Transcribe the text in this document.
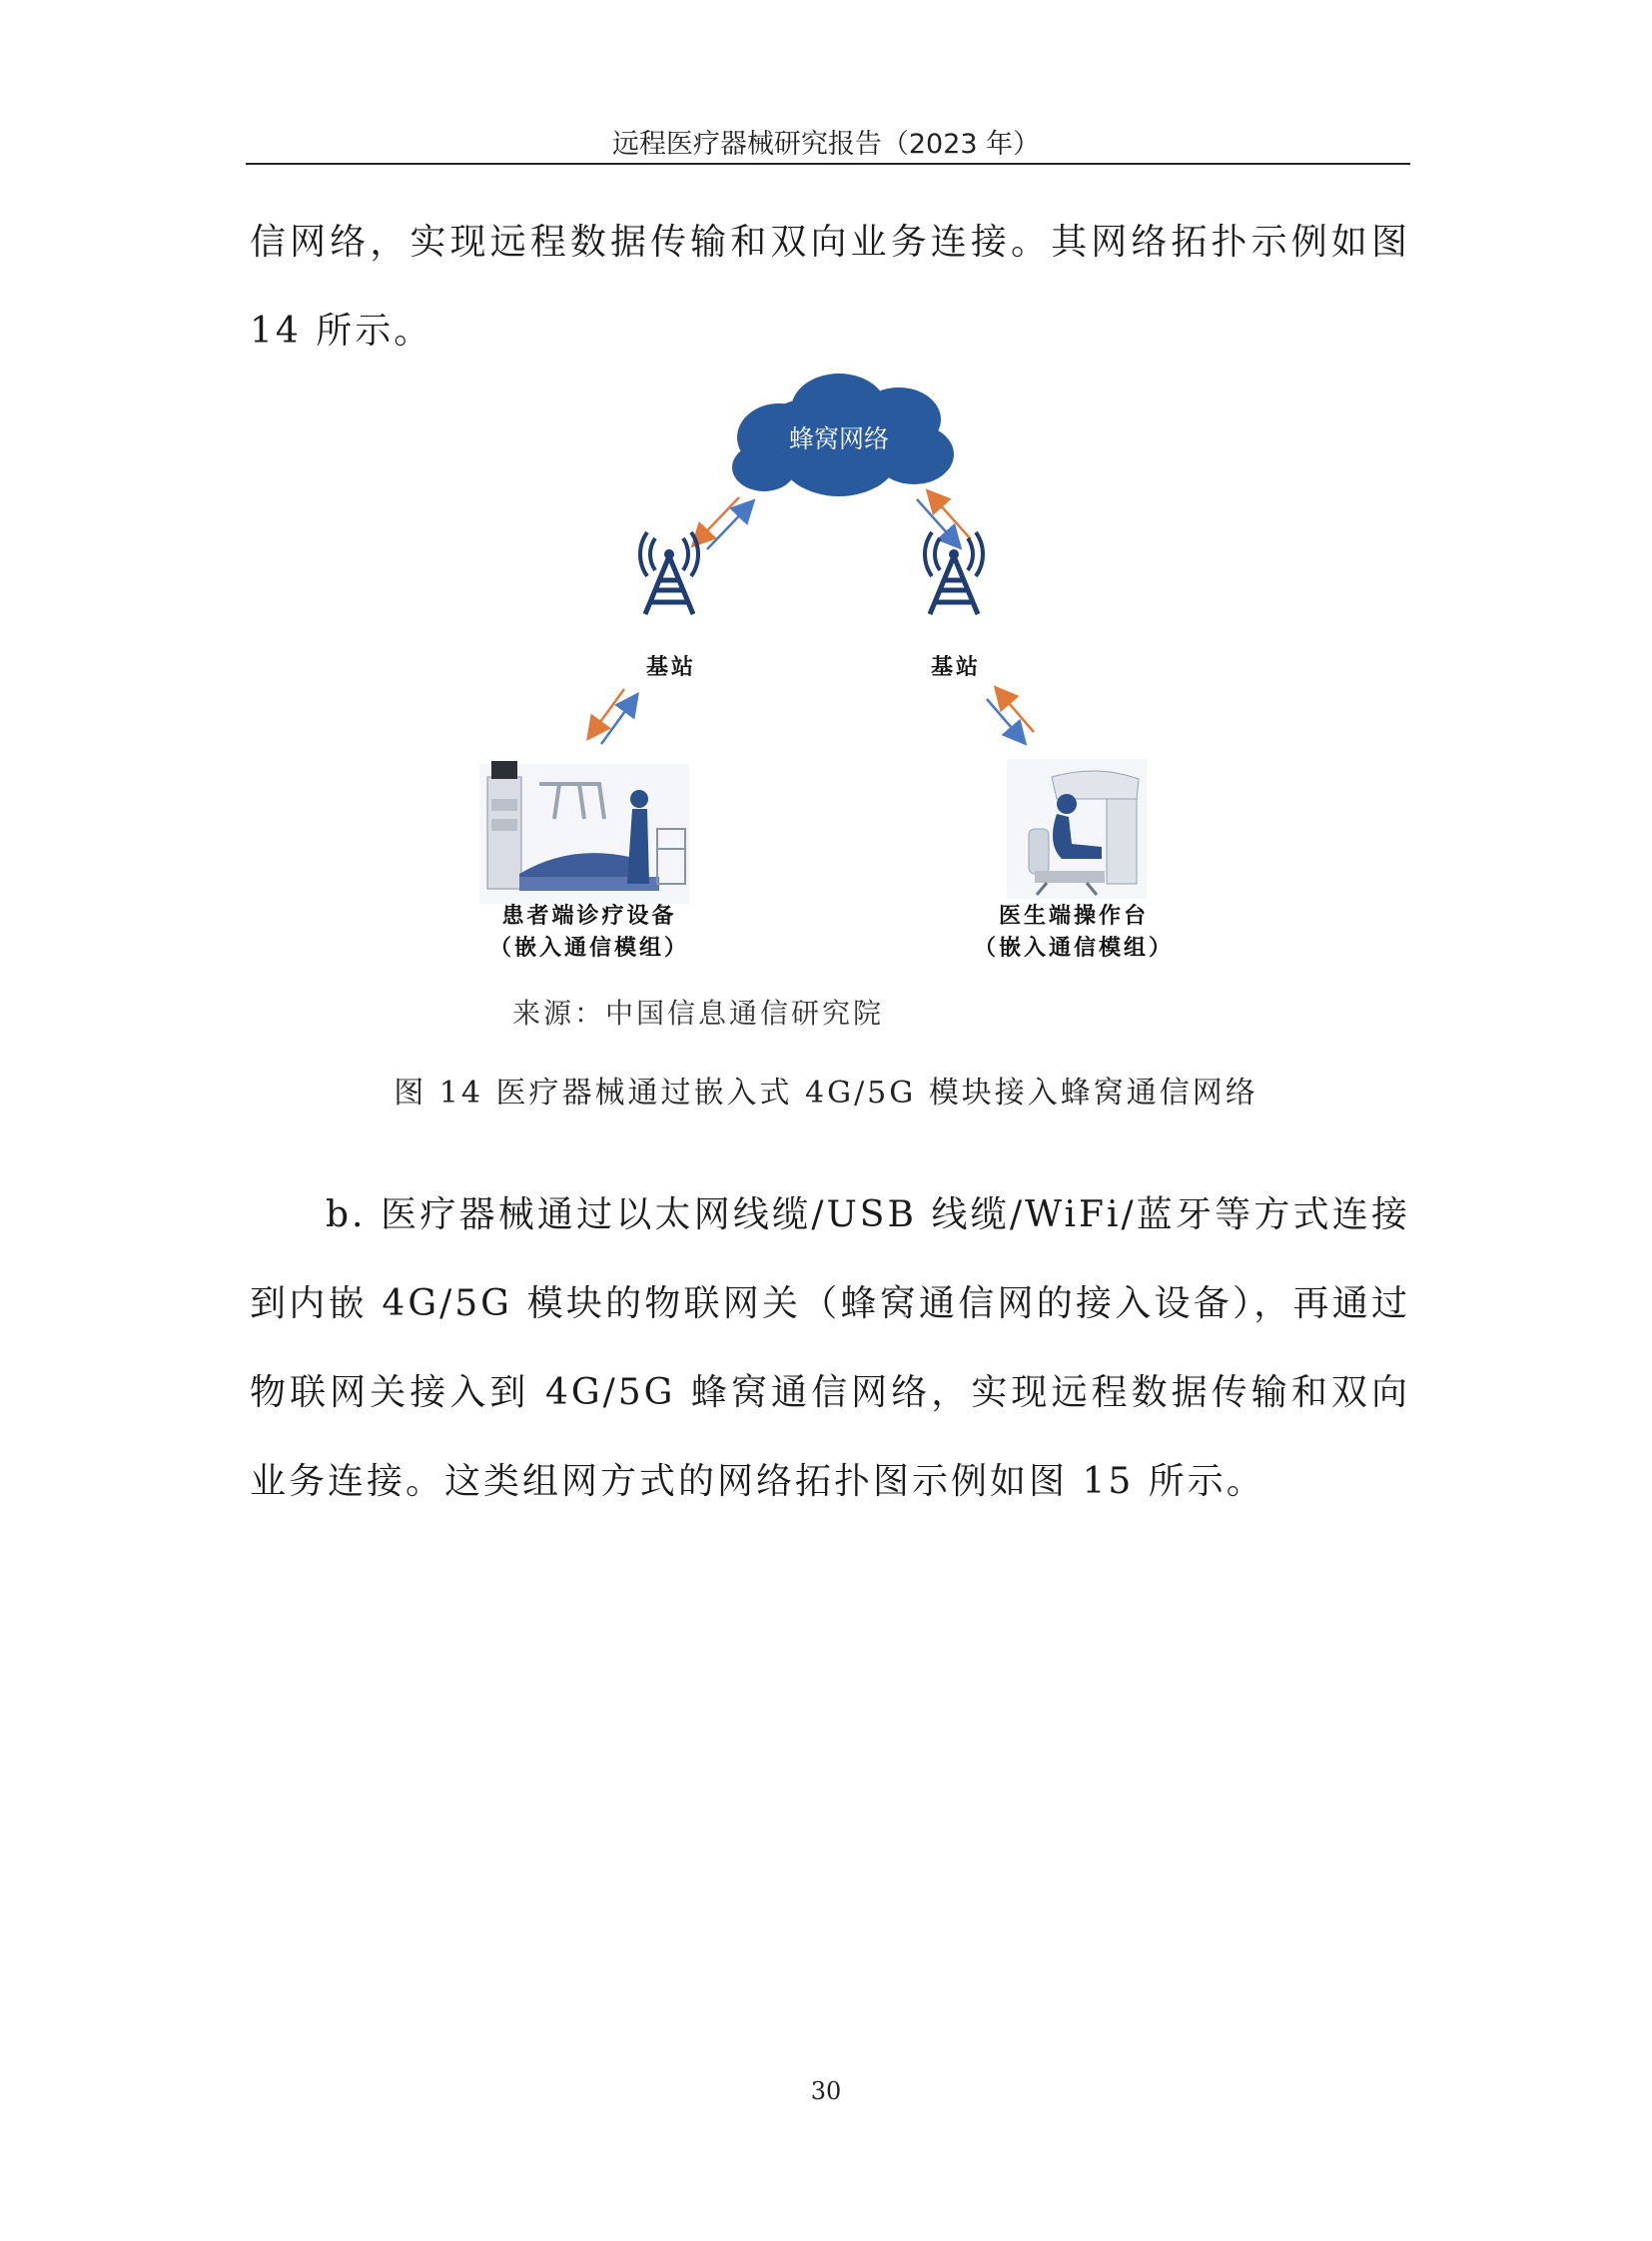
远程医疗器械研究报告（2023 年）

信网络，实现远程数据传输和双向业务连接。其网络拓扑示例如图 14 所示。

蜂窝网络
基站	基站
患者端诊疗设备
（嵌入通信模组）
医生端操作台
（嵌入通信模组）
来源：中国信息通信研究院
图 14 医疗器械通过嵌入式 4G/5G 模块接入蜂窝通信网络

b. 医疗器械通过以太网线缆/USB 线缆/WiFi/蓝牙等方式连接到内嵌 4G/5G 模块的物联网关（蜂窝通信网的接入设备），再通过物联网关接入到 4G/5G 蜂窝通信网络，实现远程数据传输和双向业务连接。这类组网方式的网络拓扑图示例如图 15 所示。

30
